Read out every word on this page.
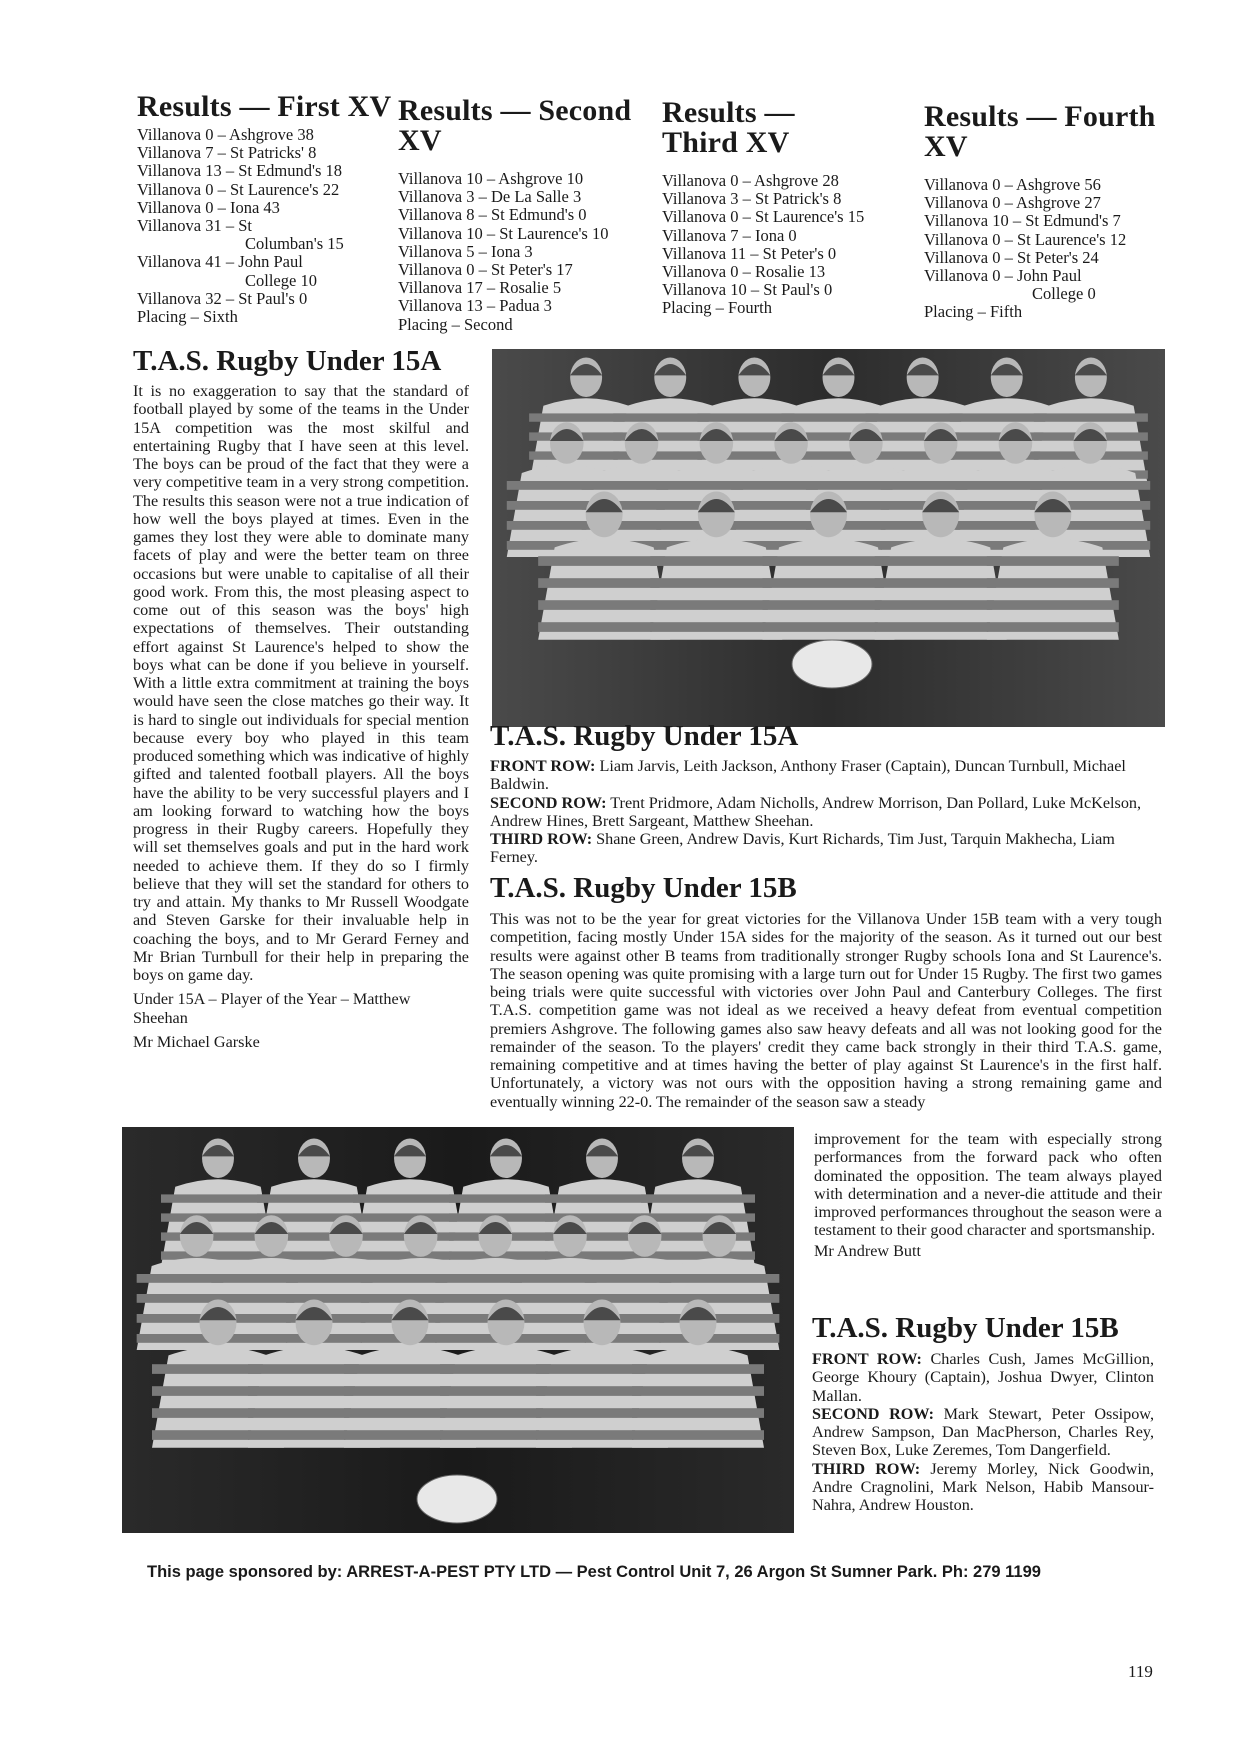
Results — First XV
Villanova 0 – Ashgrove 38
Villanova 7 – St Patricks' 8
Villanova 13 – St Edmund's 18
Villanova 0 – St Laurence's 22
Villanova 0 – Iona 43
Villanova 31 – St
Columban's 15
Villanova 41 – John Paul
College 10
Villanova 32 – St Paul's 0
Placing – Sixth
Results — Second XV
Villanova 10 – Ashgrove 10
Villanova 3 – De La Salle 3
Villanova 8 – St Edmund's 0
Villanova 10 – St Laurence's 10
Villanova 5 – Iona 3
Villanova 0 – St Peter's 17
Villanova 17 – Rosalie 5
Villanova 13 – Padua 3
Placing – Second
Results — Third XV
Villanova 0 – Ashgrove 28
Villanova 3 – St Patrick's 8
Villanova 0 – St Laurence's 15
Villanova 7 – Iona 0
Villanova 11 – St Peter's 0
Villanova 0 – Rosalie 13
Villanova 10 – St Paul's 0
Placing – Fourth
Results — Fourth XV
Villanova 0 – Ashgrove 56
Villanova 0 – Ashgrove 27
Villanova 10 – St Edmund's 7
Villanova 0 – St Laurence's 12
Villanova 0 – St Peter's 24
Villanova 0 – John Paul
College 0
Placing – Fifth
T.A.S. Rugby Under 15A

It is no exaggeration to say that the standard of football played by some of the teams in the Under 15A competition was the most skilful and entertaining Rugby that I have seen at this level. The boys can be proud of the fact that they were a very competitive team in a very strong competition. The results this season were not a true indication of how well the boys played at times. Even in the games they lost they were able to dominate many facets of play and were the better team on three occasions but were unable to capitalise of all their good work. From this, the most pleasing aspect to come out of this season was the boys' high expectations of themselves. Their outstanding effort against St Laurence's helped to show the boys what can be done if you believe in yourself. With a little extra commitment at training the boys would have seen the close matches go their way. It is hard to single out individuals for special mention because every boy who played in this team produced something which was indicative of highly gifted and talented football players. All the boys have the ability to be very successful players and I am looking forward to watching how the boys progress in their Rugby careers. Hopefully they will set themselves goals and put in the hard work needed to achieve them. If they do so I firmly believe that they will set the standard for others to try and attain. My thanks to Mr Russell Woodgate and Steven Garske for their invaluable help in coaching the boys, and to Mr Gerard Ferney and Mr Brian Turnbull for their help in preparing the boys on game day.

Under 15A – Player of the Year – Matthew Sheehan

Mr Michael Garske

T.A.S. Rugby Under 15A
FRONT ROW: Liam Jarvis, Leith Jackson, Anthony Fraser (Captain), Duncan Turnbull, Michael Baldwin.
SECOND ROW: Trent Pridmore, Adam Nicholls, Andrew Morrison, Dan Pollard, Luke McKelson, Andrew Hines, Brett Sargeant, Matthew Sheehan.
THIRD ROW: Shane Green, Andrew Davis, Kurt Richards, Tim Just, Tarquin Makhecha, Liam Ferney.
T.A.S. Rugby Under 15B
This was not to be the year for great victories for the Villanova Under 15B team with a very tough competition, facing mostly Under 15A sides for the majority of the season. As it turned out our best results were against other B teams from traditionally stronger Rugby schools Iona and St Laurence's. The season opening was quite promising with a large turn out for Under 15 Rugby. The first two games being trials were quite successful with victories over John Paul and Canterbury Colleges. The first T.A.S. competition game was not ideal as we received a heavy defeat from eventual competition premiers Ashgrove. The following games also saw heavy defeats and all was not looking good for the remainder of the season. To the players' credit they came back strongly in their third T.A.S. game, remaining competitive and at times having the better of play against St Laurence's in the first half. Unfortunately, a victory was not ours with the opposition having a strong remaining game and eventually winning 22-0. The remainder of the season saw a steady

improvement for the team with especially strong performances from the forward pack who often dominated the opposition. The team always played with determination and a never-die attitude and their improved performances throughout the season were a testament to their good character and sportsmanship.

Mr Andrew Butt

T.A.S. Rugby Under 15B
FRONT ROW: Charles Cush, James McGillion, George Khoury (Captain), Joshua Dwyer, Clinton Mallan.
SECOND ROW: Mark Stewart, Peter Ossipow, Andrew Sampson, Dan MacPherson, Charles Rey, Steven Box, Luke Zeremes, Tom Dangerfield.
THIRD ROW: Jeremy Morley, Nick Goodwin, Andre Cragnolini, Mark Nelson, Habib Mansour-Nahra, Andrew Houston.
This page sponsored by: ARREST-A-PEST PTY LTD — Pest Control Unit 7, 26 Argon St Sumner Park. Ph: 279 1199
119
